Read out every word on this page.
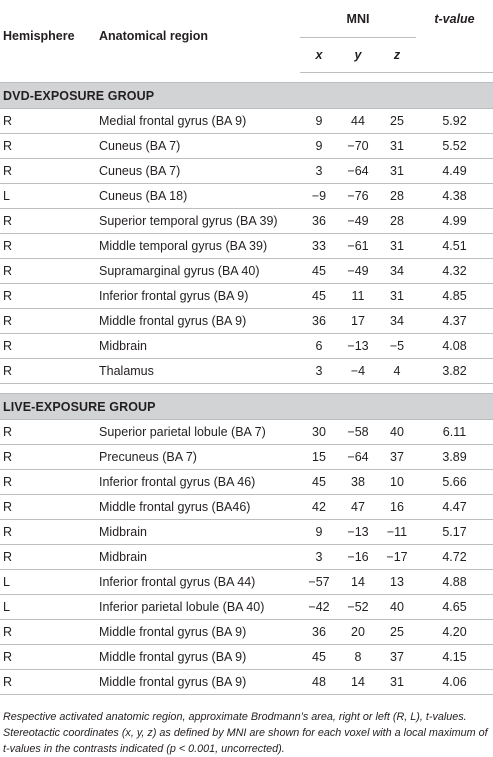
Hemisphere	Anatomical region	MNI			t-value
		x	y	z	

DVD-EXPOSURE GROUP					
R	Medial frontal gyrus (BA 9)	9	44	25	5.92
R	Cuneus (BA 7)	9	−70	31	5.52
R	Cuneus (BA 7)	3	−64	31	4.49
L	Cuneus (BA 18)	−9	−76	28	4.38
R	Superior temporal gyrus (BA 39)	36	−49	28	4.99
R	Middle temporal gyrus (BA 39)	33	−61	31	4.51
R	Supramarginal gyrus (BA 40)	45	−49	34	4.32
R	Inferior frontal gyrus (BA 9)	45	11	31	4.85
R	Middle frontal gyrus (BA 9)	36	17	34	4.37
R	Midbrain	6	−13	−5	4.08
R	Thalamus	3	−4	4	3.82

LIVE-EXPOSURE GROUP					
R	Superior parietal lobule (BA 7)	30	−58	40	6.11
R	Precuneus (BA 7)	15	−64	37	3.89
R	Inferior frontal gyrus (BA 46)	45	38	10	5.66
R	Middle frontal gyrus (BA46)	42	47	16	4.47
R	Midbrain	9	−13	−11	5.17
R	Midbrain	3	−16	−17	4.72
L	Inferior frontal gyrus (BA 44)	−57	14	13	4.88
L	Inferior parietal lobule (BA 40)	−42	−52	40	4.65
R	Middle frontal gyrus (BA 9)	36	20	25	4.20
R	Middle frontal gyrus (BA 9)	45	8	37	4.15
R	Middle frontal gyrus (BA 9)	48	14	31	4.06
Respective activated anatomic region, approximate Brodmann’s area, right or left (R, L), t-values. Stereotactic coordinates (x, y, z) as defined by MNI are shown for each voxel with a local maximum of t-values in the contrasts indicated (p < 0.001, uncorrected).
